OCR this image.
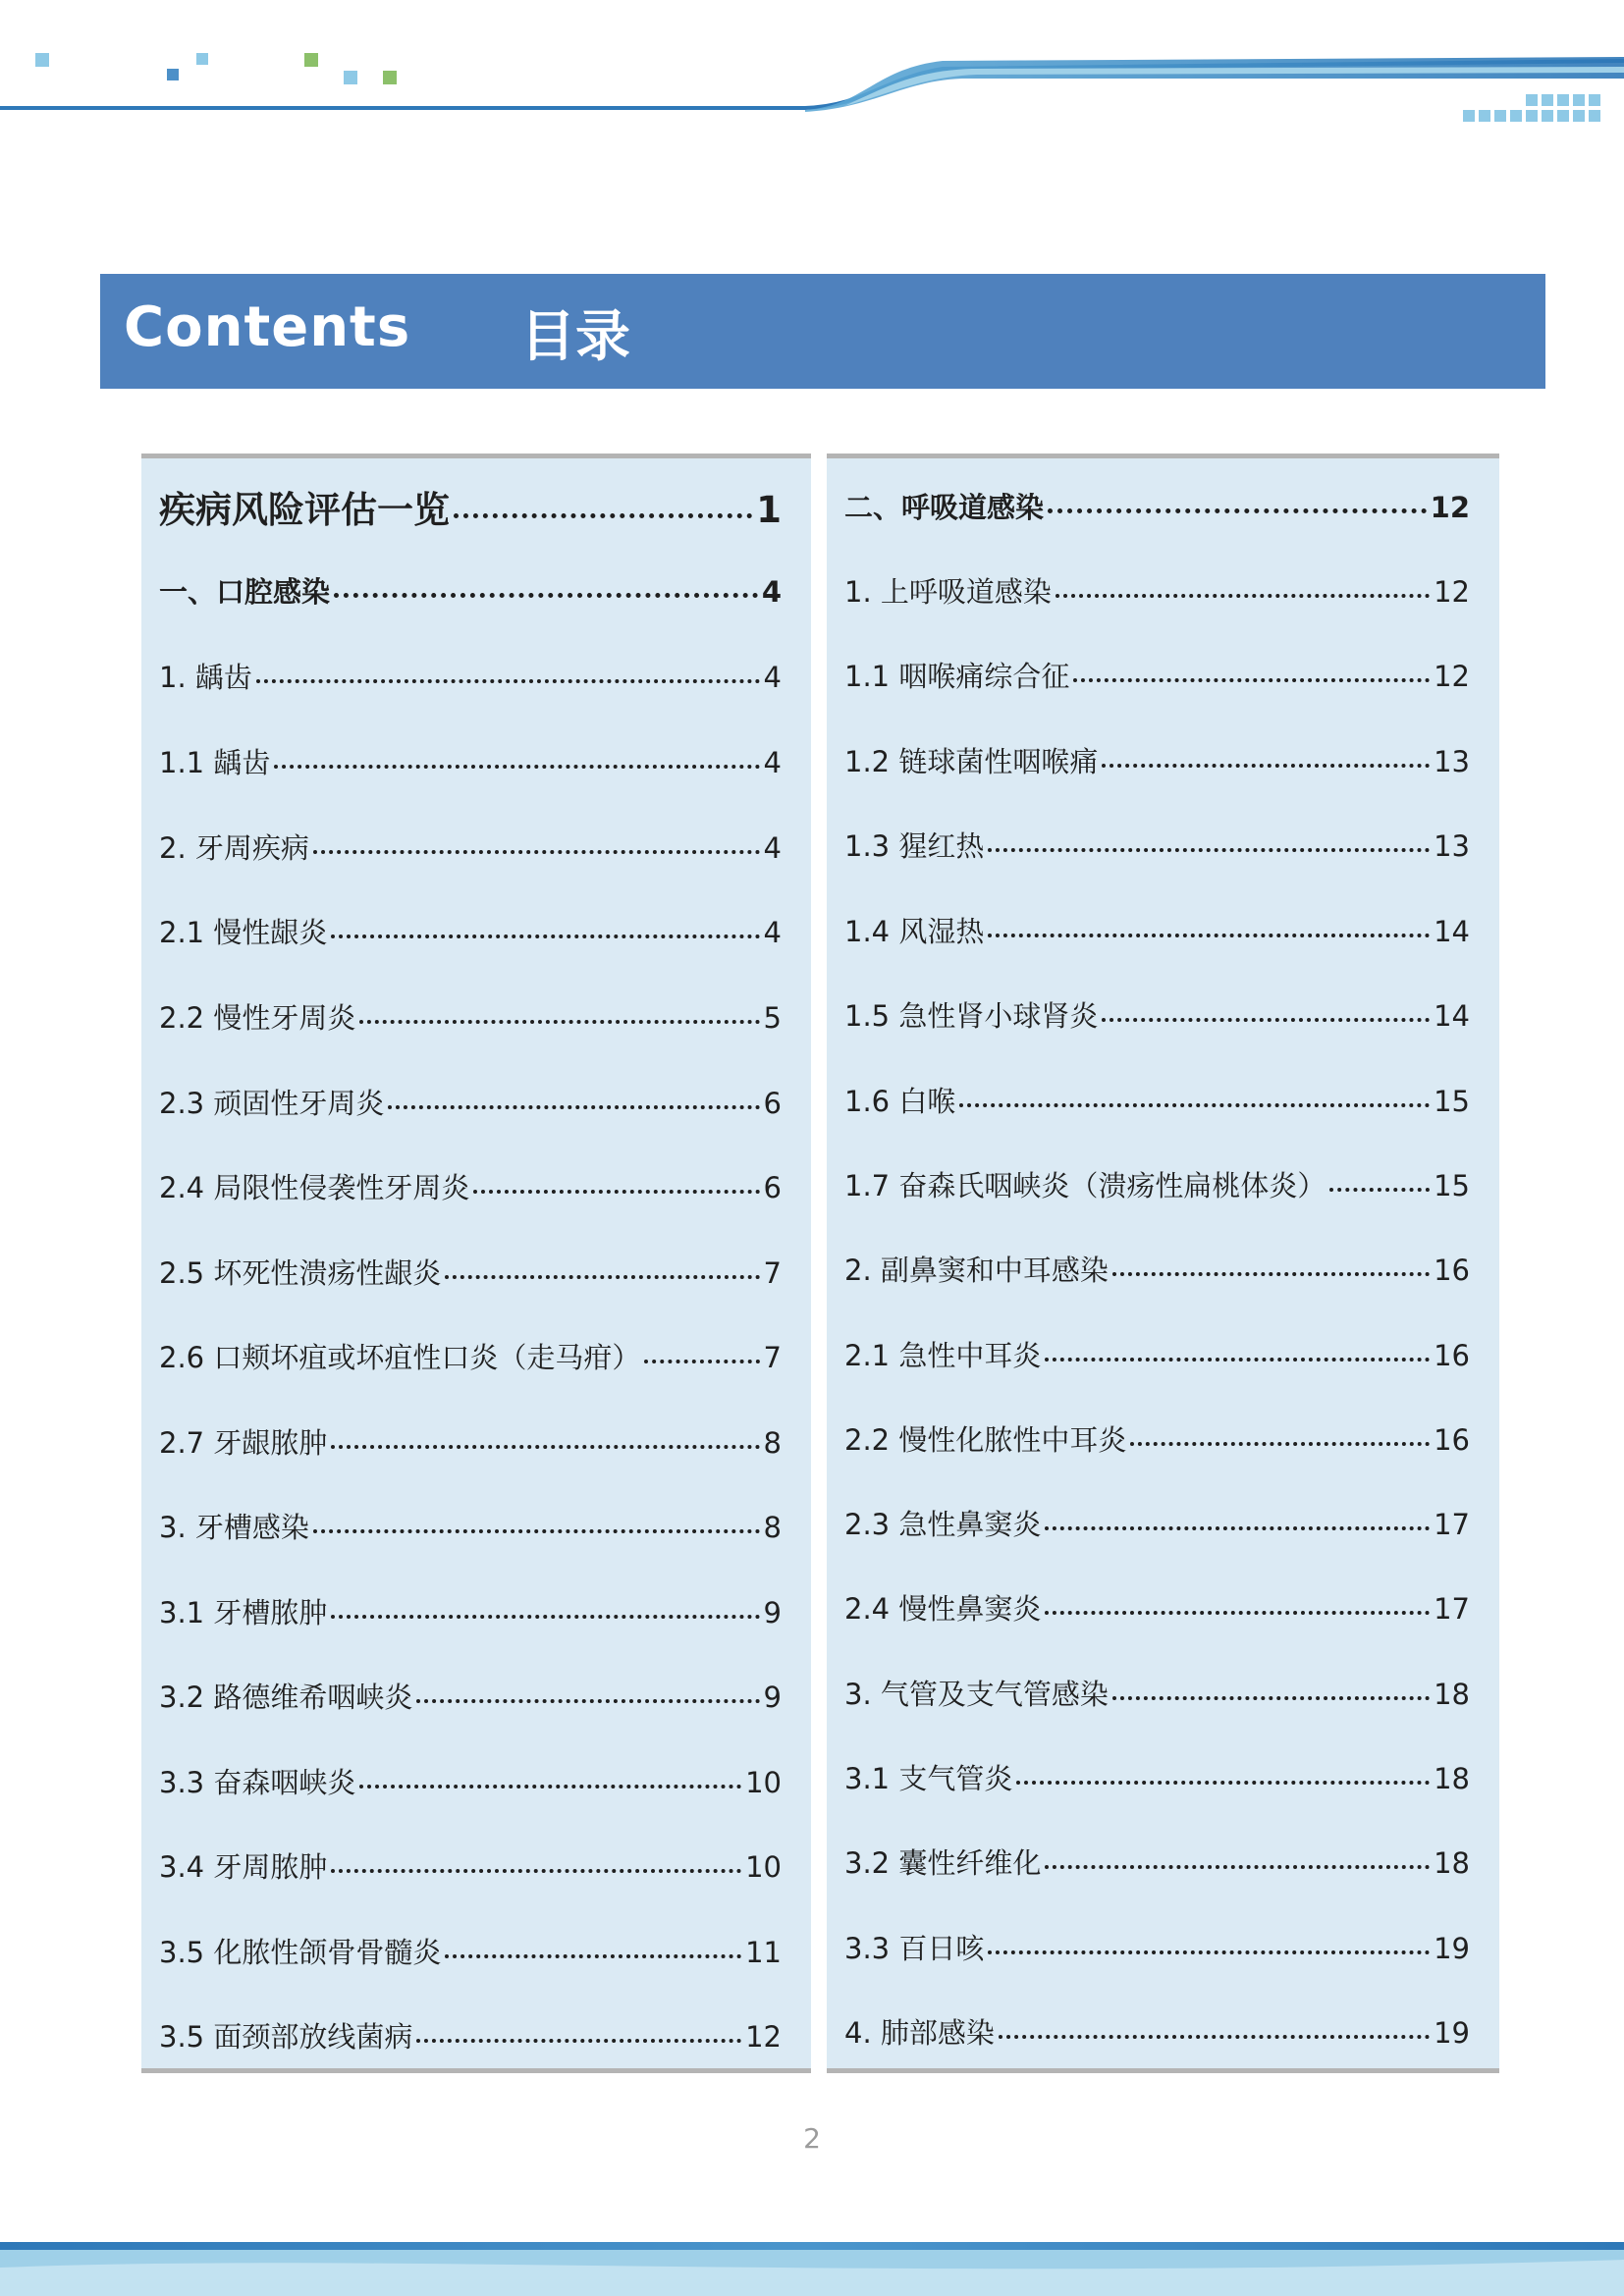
Contents 目录
疾病风险评估一览	1
一、口腔感染	4
1. 龋齿	4
1.1 龋齿	4
2. 牙周疾病	4
2.1 慢性龈炎	4
2.2 慢性牙周炎	5
2.3 顽固性牙周炎	6
2.4 局限性侵袭性牙周炎	6
2.5 坏死性溃疡性龈炎	7
2.6 口颊坏疽或坏疽性口炎（走马疳）	7
2.7 牙龈脓肿	8
3. 牙槽感染	8
3.1 牙槽脓肿	9
3.2 路德维希咽峡炎	9
3.3 奋森咽峡炎	10
3.4 牙周脓肿	10
3.5 化脓性颌骨骨髓炎	11
3.5 面颈部放线菌病	12
二、呼吸道感染	12
1. 上呼吸道感染	12
1.1 咽喉痛综合征	12
1.2 链球菌性咽喉痛	13
1.3 猩红热	13
1.4 风湿热	14
1.5 急性肾小球肾炎	14
1.6 白喉	15
1.7 奋森氏咽峡炎（溃疡性扁桃体炎）	15
2. 副鼻窦和中耳感染	16
2.1 急性中耳炎	16
2.2 慢性化脓性中耳炎	16
2.3 急性鼻窦炎	17
2.4 慢性鼻窦炎	17
3. 气管及支气管感染	18
3.1 支气管炎	18
3.2 囊性纤维化	18
3.3 百日咳	19
4. 肺部感染	19
2
